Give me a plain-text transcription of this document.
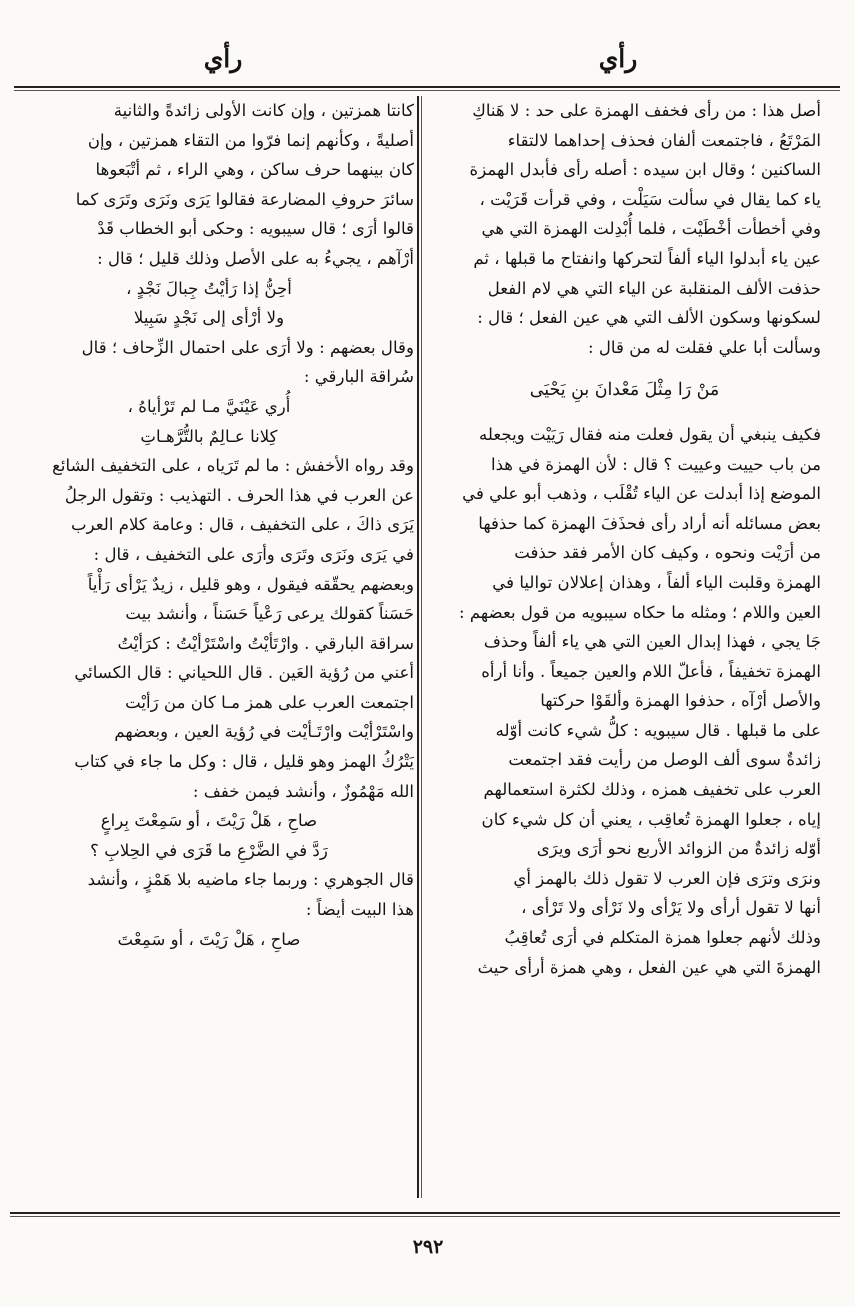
رأي
رأي

أصل هذا : من رأى فخفف الهمزة على حد : لا هَناكِ

المَرْتَعُ ، فاجتمعت ألفان فحذف إحداهما لالتقاء

الساكنين ؛ وقال ابن سيده : أصله رأى فأبدل الهمزة

ياء كما يقال في سألت سَيَلْت ، وفي قرأت قَرَيْت ،

وفي أخطأت أخْطَيْت ، فلما أُبْدِلت الهمزة التي هي

عين ياء أبدلوا الياء ألفاً لتحركها وانفتاح ما قبلها ، ثم

حذفت الألف المنقلبة عن الياء التي هي لام الفعل

لسكونها وسكون الألف التي هي عين الفعل ؛ قال :

وسألت أبا علي فقلت له من قال :

مَنْ رَا مِثْلَ مَعْدانَ بنِ يَحْيَى

فكيف ينبغي أن يقول فعلت منه فقال رَيَيْت ويجعله

من باب حييت وعييت ؟ قال : لأن الهمزة في هذا

الموضع إذا أبدلت عن الياء تُقْلَب ، وذهب أبو علي في

بعض مسائله أنه أراد رأى فحذَفَ الهمزة كما حذفها

من أرَيْت ونحوه ، وكيف كان الأمر فقد حذفت

الهمزة وقلبت الياء ألفاً ، وهذان إعلالان تواليا في

العين واللام ؛ ومثله ما حكاه سيبويه من قول بعضهم :

جَا يجي ، فهذا إبدال العين التي هي ياء ألفاً وحذف

الهمزة تخفيفاً ، فأعلّ اللام والعين جميعاً . وأنا أرأه

والأصل أرْآه ، حذفوا الهمزة وألقَوْا حركتها

على ما قبلها . قال سيبويه : كلُّ شيء كانت أوّله

زائدةٌ سوى ألف الوصل من رأيت فقد اجتمعت

العرب على تخفيف همزه ، وذلك لكثرة استعمالهم

إياه ، جعلوا الهمزة تُعاقِب ، يعني أن كل شيء كان

أوّله زائدةٌ من الزوائد الأربع نحو أرَى ويرَى

ونرَى وترَى فإن العرب لا تقول ذلك بالهمز أي

أنها لا تقول أرأى ولا يَرْأى ولا نَرْأى ولا تَرْأى ،

وذلك لأنهم جعلوا همزة المتكلم في أرَى تُعاقِبُ

الهمزةَ التي هي عين الفعل ، وهي همزة أرأى حيث

كانتا همزتين ، وإن كانت الأولى زائدةً والثانية

أصليةً ، وكأنهم إنما فرّوا من التقاء همزتين ، وإن

كان بينهما حرف ساكن ، وهي الراء ، ثم أتْبَعوها

سائرَ حروفِ المضارعة فقالوا يَرَى ونَرَى وتَرَى كما

قالوا أرَى ؛ قال سيبويه : وحكى أبو الخطاب قَدْ

أرْآهم ، يجيءُ به على الأصل وذلك قليل ؛ قال :

أحِنُّ إذا رَأيْتُ جِبالَ نَجْدٍ ،

ولا أرْأى إلى نَجْدٍ سَبِيلا

وقال بعضهم : ولا أرَى على احتمال الزِّحاف ؛ قال

سُراقة البارقي :

أُري عَيْنَيَّ مـا لم تَرْأياهُ ،

كِلانا عـالِمٌ بالتُّرَّهـاتِ

وقد رواه الأخفش : ما لم تَرَياه ، على التخفيف الشائع

عن العرب في هذا الحرف . التهذيب : وتقول الرجلُ

يَرَى ذاكَ ، على التخفيف ، قال : وعامة كلام العرب

في يَرَى ونَرَى وتَرَى وأرَى على التخفيف ، قال :

وبعضهم يحقّقه فيقول ، وهو قليل ، زيدٌ يَرْأى رَأْياً

حَسَناً كقولك يرعى رَعْياً حَسَناً ، وأنشد بيت

سراقة البارقي . وارْتَأيْتُ واسْتَرْأيْتُ : كرَأيْتُ

أعني من رُؤية العَين . قال اللحياني : قال الكسائي

اجتمعت العرب على همز مـا كان من رَأيْت

واسْتَرْأيْت وارْتَـأيْت في رُؤية العين ، وبعضهم

يَتْرُكُ الهمز وهو قليل ، قال : وكل ما جاء في كتاب

الله مَهْمُوزٌ ، وأنشد فيمن خفف :

صاحِ ، هَلْ رَيْتَ ، أو سَمِعْتَ بِراعٍ

رَدَّ في الضَّرْعِ ما قَرَى في الحِلابِ ؟

قال الجوهري : وربما جاء ماضيه بلا هَمْزٍ ، وأنشد

هذا البيت أيضاً :

صاحِ ، هَلْ رَيْتَ ، أو سَمِعْتَ

٢٩٢
